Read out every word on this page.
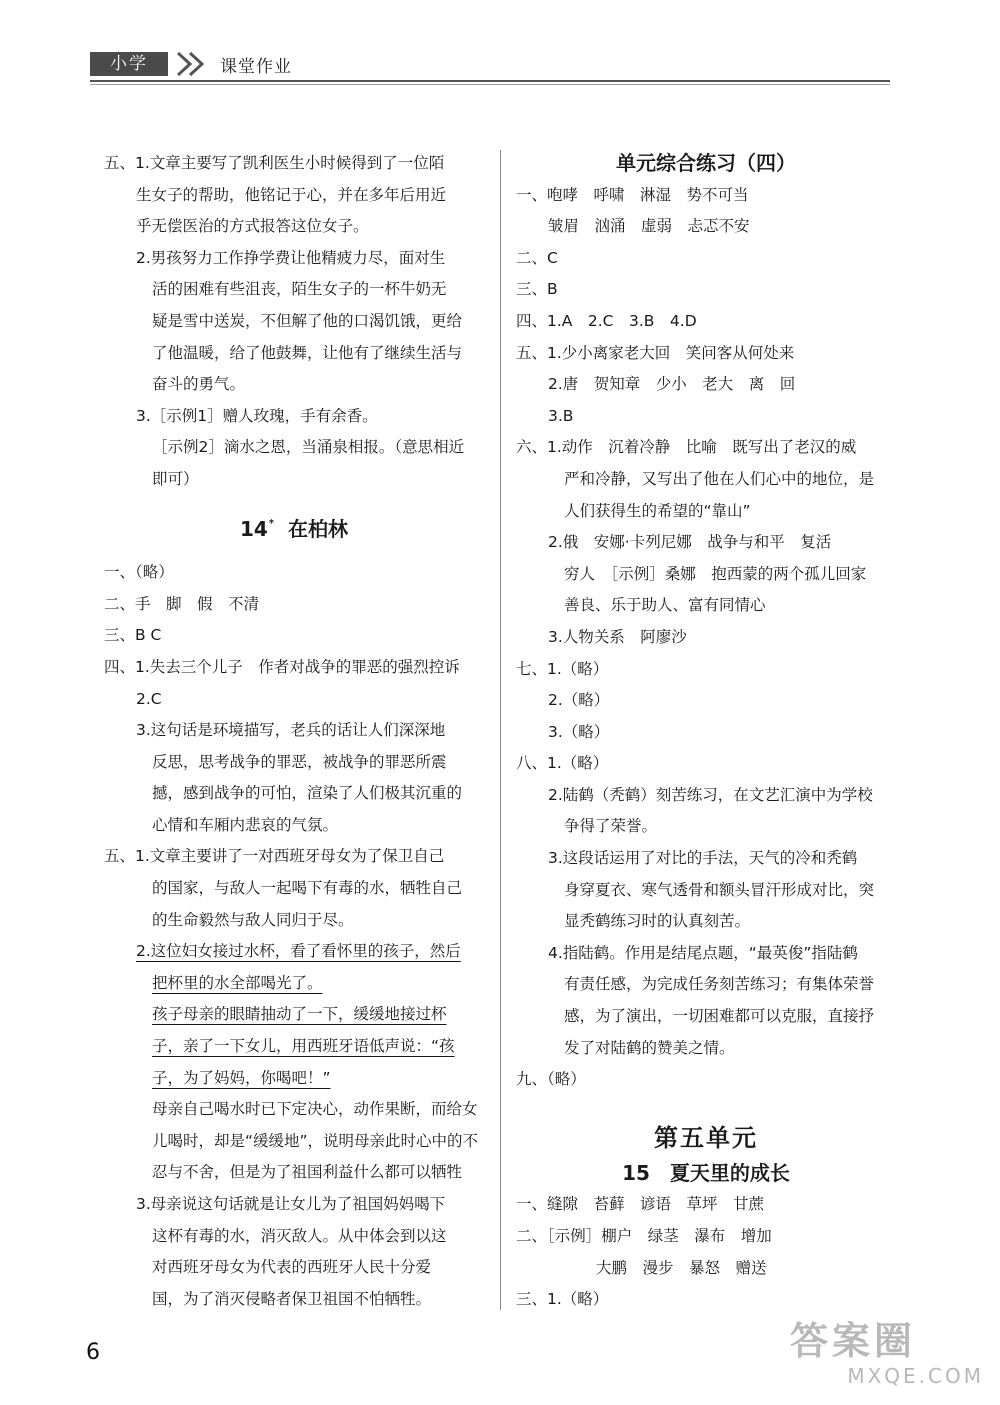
小学	课堂作业
五、1.文章主要写了凯利医生小时候得到了一位陌
生女子的帮助，他铭记于心，并在多年后用近
乎无偿医治的方式报答这位女子。
2.男孩努力工作挣学费让他精疲力尽，面对生
活的困难有些沮丧，陌生女子的一杯牛奶无
疑是雪中送炭，不但解了他的口渴饥饿，更给
了他温暖，给了他鼓舞，让他有了继续生活与
奋斗的勇气。
3.［示例1］赠人玫瑰，手有余香。
［示例2］滴水之恩，当涌泉相报。（意思相近
即可）
14* 在柏林
一、（略）
二、手　脚　假　不清
三、B C
四、1.失去三个儿子　作者对战争的罪恶的强烈控诉
2.C
3.这句话是环境描写，老兵的话让人们深深地
反思，思考战争的罪恶，被战争的罪恶所震
撼，感到战争的可怕，渲染了人们极其沉重的
心情和车厢内悲哀的气氛。
五、1.文章主要讲了一对西班牙母女为了保卫自己
的国家，与敌人一起喝下有毒的水，牺牲自己
的生命毅然与敌人同归于尽。
2.这位妇女接过水杯，看了看怀里的孩子，然后
把杯里的水全部喝光了。
孩子母亲的眼睛抽动了一下，缓缓地接过杯
子，亲了一下女儿，用西班牙语低声说：“孩
子，为了妈妈，你喝吧！”
母亲自己喝水时已下定决心，动作果断，而给女
儿喝时，却是“缓缓地”，说明母亲此时心中的不
忍与不舍，但是为了祖国利益什么都可以牺牲
3.母亲说这句话就是让女儿为了祖国妈妈喝下
这杯有毒的水，消灭敌人。从中体会到以这
对西班牙母女为代表的西班牙人民十分爱
国，为了消灭侵略者保卫祖国不怕牺牲。
单元综合练习（四）
一、咆哮　呼啸　淋湿　势不可当
皱眉　汹涌　虚弱　忐忑不安
二、C
三、B
四、1.A　2.C　3.B　4.D
五、1.少小离家老大回　笑问客从何处来
2.唐　贺知章　少小　老大　离　回
3.B
六、1.动作　沉着冷静　比喻　既写出了老汉的威
严和冷静，又写出了他在人们心中的地位，是
人们获得生的希望的“靠山”
2.俄　安娜·卡列尼娜　战争与和平　复活
穷人　［示例］桑娜　抱西蒙的两个孤儿回家
善良、乐于助人、富有同情心
3.人物关系　阿廖沙
七、1.（略）
2.（略）
3.（略）
八、1.（略）
2.陆鹤（秃鹤）刻苦练习，在文艺汇演中为学校
争得了荣誉。
3.这段话运用了对比的手法，天气的冷和秃鹤
身穿夏衣、寒气透骨和额头冒汗形成对比，突
显秃鹤练习时的认真刻苦。
4.指陆鹤。作用是结尾点题，“最英俊”指陆鹤
有责任感，为完成任务刻苦练习；有集体荣誉
感，为了演出，一切困难都可以克服，直接抒
发了对陆鹤的赞美之情。
九、（略）
第五单元
15　夏天里的成长
一、缝隙　苔藓　谚语　草坪　甘蔗
二、［示例］棚户　绿茎　瀑布　增加
大鹏　漫步　暴怒　赠送
三、1.（略）
6	答案圈
MXQE.COM
